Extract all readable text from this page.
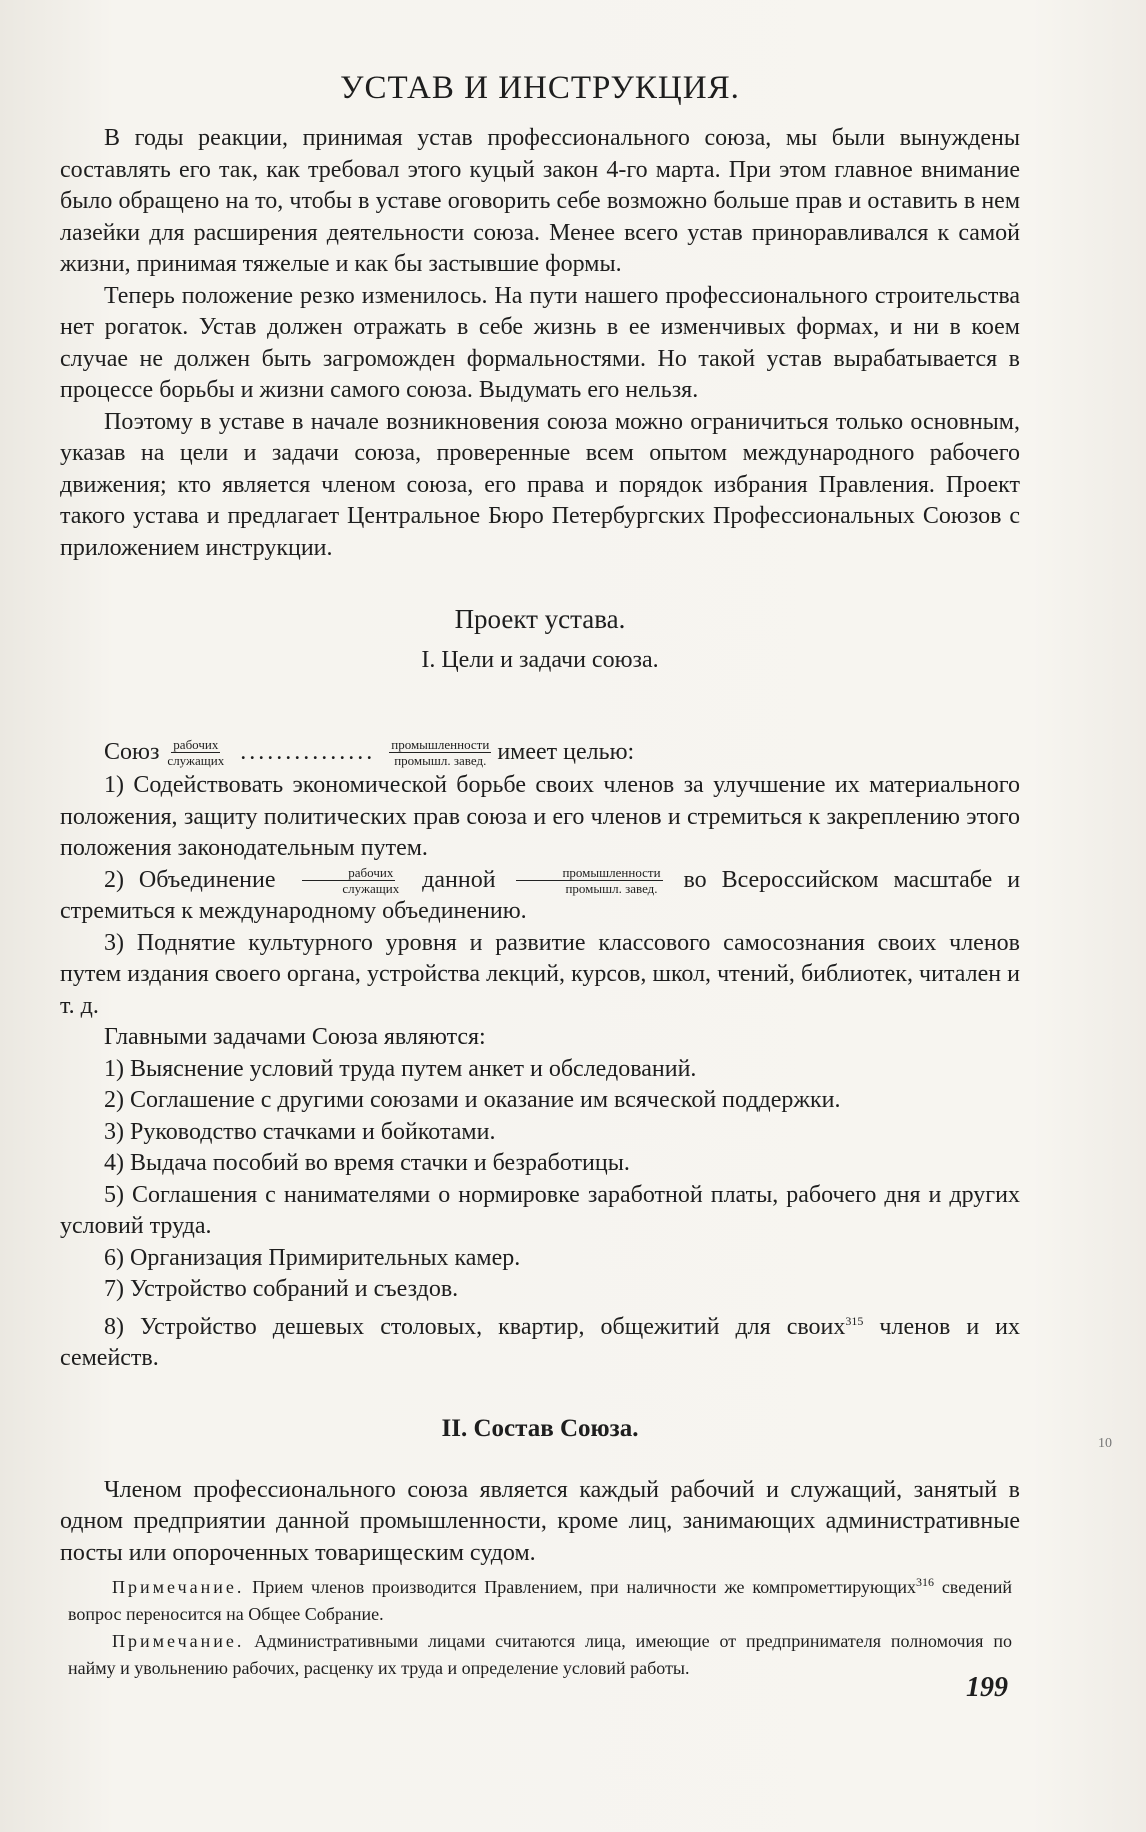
УСТАВ И ИНСТРУКЦИЯ.

В годы реакции, принимая устав профессионального союза, мы были вынуждены составлять его так, как требовал этого куцый закон 4-го марта. При этом главное внимание было обращено на то, чтобы в уставе оговорить себе возможно больше прав и оставить в нем лазейки для расширения деятельности союза. Менее всего устав приноравливался к самой жизни, принимая тяжелые и как бы застывшие формы.

Теперь положение резко изменилось. На пути нашего профессионального строительства нет рогаток. Устав должен отражать в себе жизнь в ее изменчивых формах, и ни в коем случае не должен быть загроможден формальностями. Но такой устав вырабатывается в процессе борьбы и жизни самого союза. Выдумать его нельзя.

Поэтому в уставе в начале возникновения союза можно ограничиться только основным, указав на цели и задачи союза, проверенные всем опытом международного рабочего движения; кто является членом союза, его права и порядок избрания Правления. Проект такого устава и предлагает Центральное Бюро Петербургских Профессиональных Союзов с приложением инструкции.

Проект устава.
I. Цели и задачи союза.
Союз $\frac{\text{рабочих}}{\text{служащих}}$ ............... $\frac{\text{промышленности}}{\text{промышл. завед.}}$ имеет целью:

1) Содействовать экономической борьбе своих членов за улучшение их материального положения, защиту политических прав союза и его членов и стремиться к закреплению этого положения законодательным путем.

2) Объединение $\frac{\text{рабочих}}{\text{служащих}}$ данной $\frac{\text{промышленности}}{\text{промышл. завед.}}$ во Всероссийском масштабе и стремиться к международному объединению.

3) Поднятие культурного уровня и развитие классового самосознания своих членов путем издания своего органа, устройства лекций, курсов, школ, чтений, библиотек, читален и т. д.

Главными задачами Союза являются:

1) Выяснение условий труда путем анкет и обследований.

2) Соглашение с другими союзами и оказание им всяческой поддержки.

3) Руководство стачками и бойкотами.

4) Выдача пособий во время стачки и безработицы.

5) Соглашения с нанимателями о нормировке заработной платы, рабочего дня и других условий труда.

6) Организация Примирительных камер.

7) Устройство собраний и съездов.

8) Устройство дешевых столовых, квартир, общежитий для своих$^{315}$ членов и их семейств.

II. Состав Союза.

Членом профессионального союза является каждый рабочий и служащий, занятый в одном предприятии данной промышленности, кроме лиц, занимающих административные посты или опороченных товарищеским судом.

Примечание. Прием членов производится Правлением, при наличности же компрометтирующих$^{316}$ сведений вопрос переносится на Общее Собрание.

Примечание. Административными лицами считаются лица, имеющие от предпринимателя полномочия по найму и увольнению рабочих, расценку их труда и определение условий работы.

199
10
